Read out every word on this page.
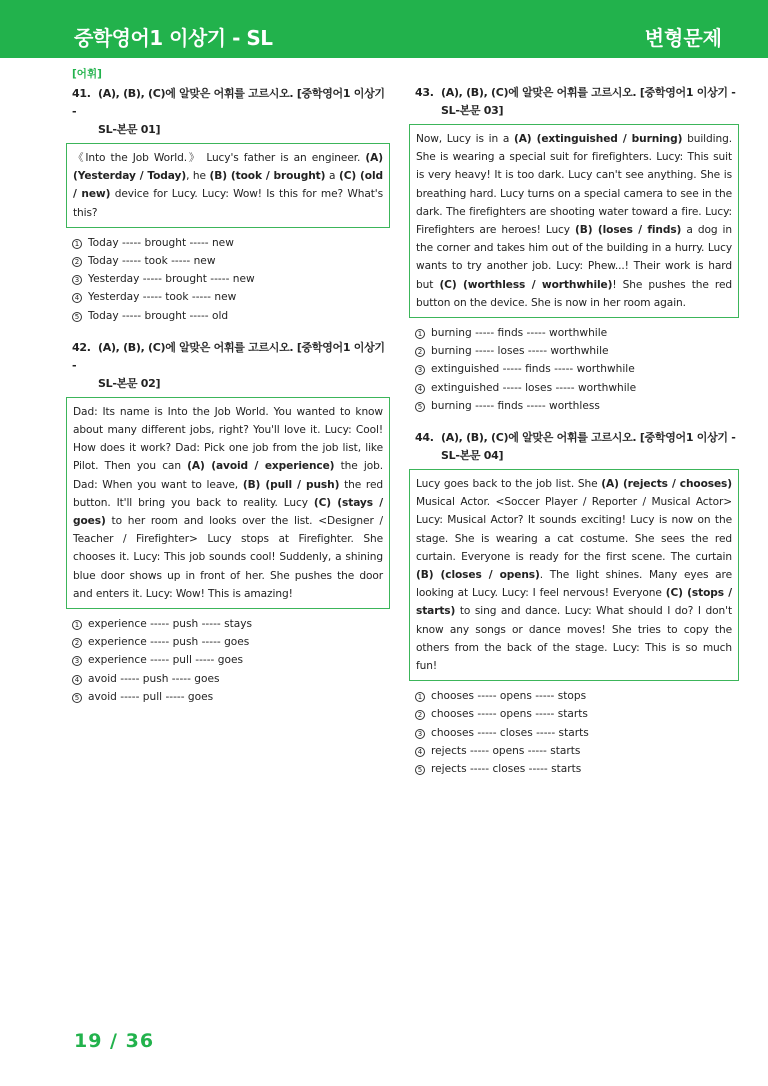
중학영어1 이상기 - SL	변형문제
[어휘]
41. (A), (B), (C)에 알맞은 어휘를 고르시오. [중학영어1 이상기 -
SL-본문 01]
《Into the Job World.》 Lucy's father is an engineer. (A) (Yesterday / Today), he (B) (took / brought) a (C) (old / new) device for Lucy. Lucy: Wow! Is this for me? What's this?
1 Today ----- brought ----- new
2 Today ----- took ----- new
3 Yesterday ----- brought ----- new
4 Yesterday ----- took ----- new
5 Today ----- brought ----- old
42. (A), (B), (C)에 알맞은 어휘를 고르시오. [중학영어1 이상기 -
SL-본문 02]
Dad: Its name is Into the Job World. You wanted to know about many different jobs, right? You'll love it. Lucy: Cool! How does it work? Dad: Pick one job from the job list, like Pilot. Then you can (A) (avoid / experience) the job. Dad: When you want to leave, (B) (pull / push) the red button. It'll bring you back to reality. Lucy (C) (stays / goes) to her room and looks over the list. <Designer / Teacher / Firefighter> Lucy stops at Firefighter. She chooses it. Lucy: This job sounds cool! Suddenly, a shining blue door shows up in front of her. She pushes the door and enters it. Lucy: Wow! This is amazing!
1 experience ----- push ----- stays
2 experience ----- push ----- goes
3 experience ----- pull ----- goes
4 avoid ----- push ----- goes
5 avoid ----- pull ----- goes
43. (A), (B), (C)에 알맞은 어휘를 고르시오. [중학영어1 이상기 -
SL-본문 03]
Now, Lucy is in a (A) (extinguished / burning) building. She is wearing a special suit for firefighters. Lucy: This suit is very heavy! It is too dark. Lucy can't see anything. She is breathing hard. Lucy turns on a special camera to see in the dark. The firefighters are shooting water toward a fire. Lucy: Firefighters are heroes! Lucy (B) (loses / finds) a dog in the corner and takes him out of the building in a hurry. Lucy wants to try another job. Lucy: Phew...! Their work is hard but (C) (worthless / worthwhile)! She pushes the red button on the device. She is now in her room again.
1 burning ----- finds ----- worthwhile
2 burning ----- loses ----- worthwhile
3 extinguished ----- finds ----- worthwhile
4 extinguished ----- loses ----- worthwhile
5 burning ----- finds ----- worthless
44. (A), (B), (C)에 알맞은 어휘를 고르시오. [중학영어1 이상기 -
SL-본문 04]
Lucy goes back to the job list. She (A) (rejects / chooses) Musical Actor. <Soccer Player / Reporter / Musical Actor> Lucy: Musical Actor? It sounds exciting! Lucy is now on the stage. She is wearing a cat costume. She sees the red curtain. Everyone is ready for the first scene. The curtain (B) (closes / opens). The light shines. Many eyes are looking at Lucy. Lucy: I feel nervous! Everyone (C) (stops / starts) to sing and dance. Lucy: What should I do? I don't know any songs or dance moves! She tries to copy the others from the back of the stage. Lucy: This is so much fun!
1 chooses ----- opens ----- stops
2 chooses ----- opens ----- starts
3 chooses ----- closes ----- starts
4 rejects ----- opens ----- starts
5 rejects ----- closes ----- starts
19 / 36
